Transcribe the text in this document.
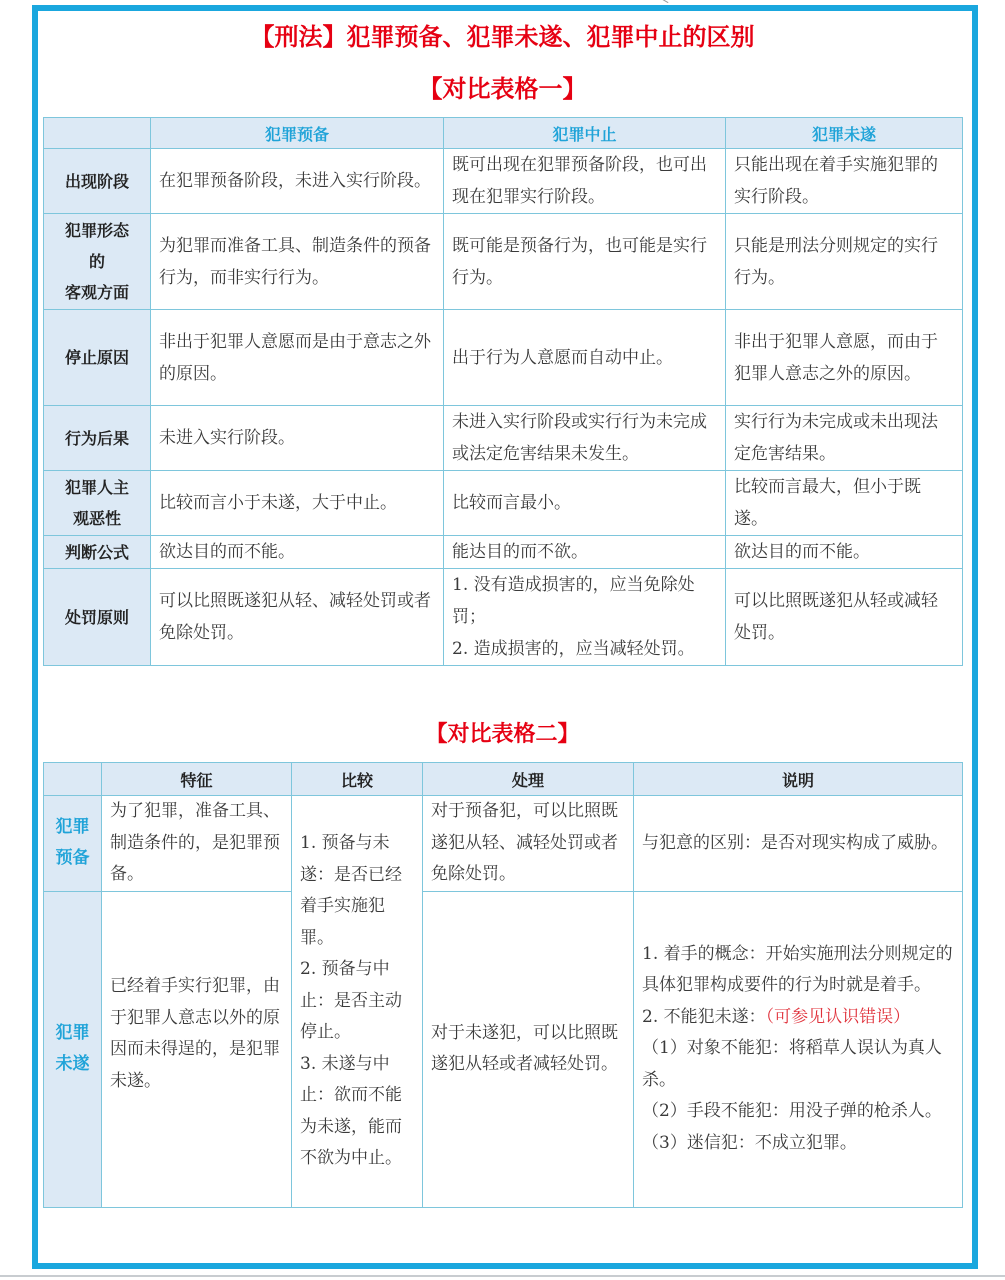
【刑法】犯罪预备、犯罪未遂、犯罪中止的区别
【对比表格一】
	犯罪预备	犯罪中止	犯罪未遂
出现阶段	在犯罪预备阶段，未进入实行阶段。	既可出现在犯罪预备阶段，也可出现在犯罪实行阶段。	只能出现在着手实施犯罪的实行阶段。

犯罪形态
的
客观方面	为犯罪而准备工具、制造条件的预备行为，而非实行行为。	既可能是预备行为，也可能是实行行为。	只能是刑法分则规定的实行行为。
停止原因	非出于犯罪人意愿而是由于意志之外的原因。	出于行为人意愿而自动中止。	非出于犯罪人意愿，而由于犯罪人意志之外的原因。
行为后果	未进入实行阶段。	未进入实行阶段或实行行为未完成或法定危害结果未发生。	实行行为未完成或未出现法定危害结果。

犯罪人主
观恶性	比较而言小于未遂，大于中止。	比较而言最小。	比较而言最大，但小于既遂。
判断公式	欲达目的而不能。	能达目的而不欲。	欲达目的而不能。
处罚原则	可以比照既遂犯从轻、减轻处罚或者免除处罚。	1. 没有造成损害的，应当免除处罚；
2. 造成损害的，应当减轻处罚。	可以比照既遂犯从轻或减轻处罚。
【对比表格二】
	特征	比较	处理	说明

犯罪
预备	为了犯罪，准备工具、制造条件的，是犯罪预备。	1. 预备与未遂：是否已经着手实施犯罪。
2. 预备与中止：是否主动停止。
3. 未遂与中止：欲而不能为未遂，能而不欲为中止。	对于预备犯，可以比照既遂犯从轻、减轻处罚或者免除处罚。	与犯意的区别：是否对现实构成了威胁。

犯罪
未遂	已经着手实行犯罪，由于犯罪人意志以外的原因而未得逞的，是犯罪未遂。		对于未遂犯，可以比照既遂犯从轻或者减轻处罚。	1. 着手的概念：开始实施刑法分则规定的具体犯罪构成要件的行为时就是着手。
2. 不能犯未遂：（可参见认识错误）
（1）对象不能犯：将稻草人误认为真人杀。
（2）手段不能犯：用没子弹的枪杀人。
（3）迷信犯：不成立犯罪。
